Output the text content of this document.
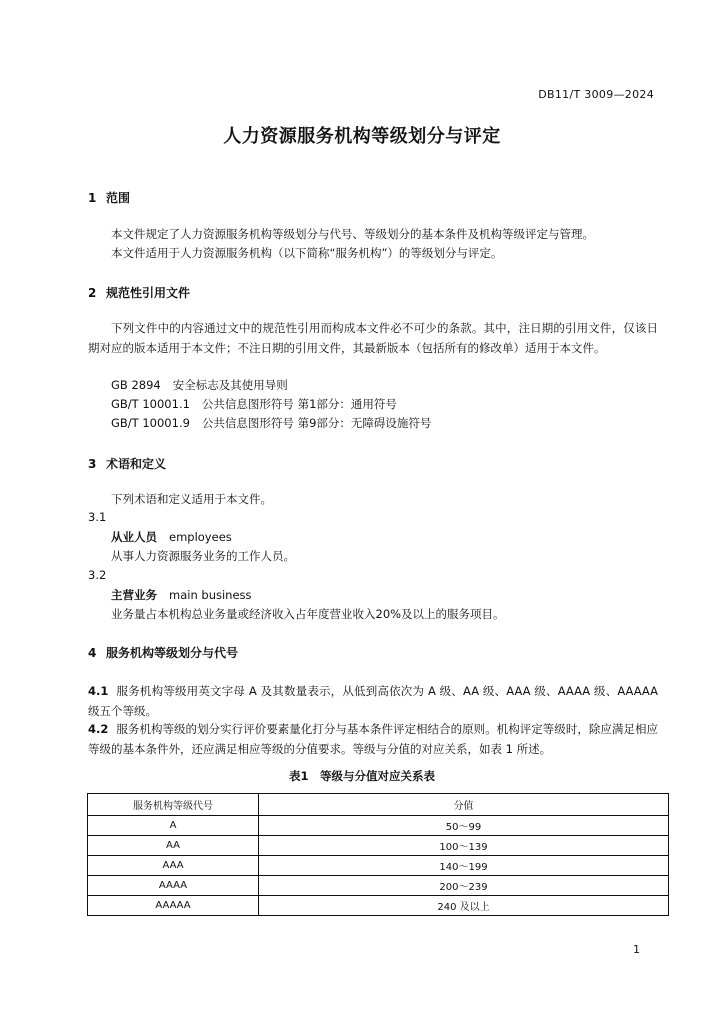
DB11/T 3009—2024
人力资源服务机构等级划分与评定
1 范围
本文件规定了人力资源服务机构等级划分与代号、等级划分的基本条件及机构等级评定与管理。
本文件适用于人力资源服务机构（以下简称“服务机构”）的等级划分与评定。
2 规范性引用文件
下列文件中的内容通过文中的规范性引用而构成本文件必不可少的条款。其中，注日期的引用文件，仅该日期对应的版本适用于本文件；不注日期的引用文件，其最新版本（包括所有的修改单）适用于本文件。
GB 2894 安全标志及其使用导则
GB/T 10001.1 公共信息图形符号 第1部分：通用符号
GB/T 10001.9 公共信息图形符号 第9部分：无障碍设施符号
3 术语和定义
下列术语和定义适用于本文件。
3.1
从业人员 employees
从事人力资源服务业务的工作人员。
3.2
主营业务 main business
业务量占本机构总业务量或经济收入占年度营业收入20%及以上的服务项目。
4 服务机构等级划分与代号
4.1 服务机构等级用英文字母 A 及其数量表示，从低到高依次为 A 级、AA 级、AAA 级、AAAA 级、AAAAA 级五个等级。
4.2 服务机构等级的划分实行评价要素量化打分与基本条件评定相结合的原则。机构评定等级时，除应满足相应等级的基本条件外，还应满足相应等级的分值要求。等级与分值的对应关系，如表 1 所述。
表1　等级与分值对应关系表
服务机构等级代号	分值
A	50～99
AA	100～139
AAA	140～199
AAAA	200～239
AAAAA	240 及以上
1
